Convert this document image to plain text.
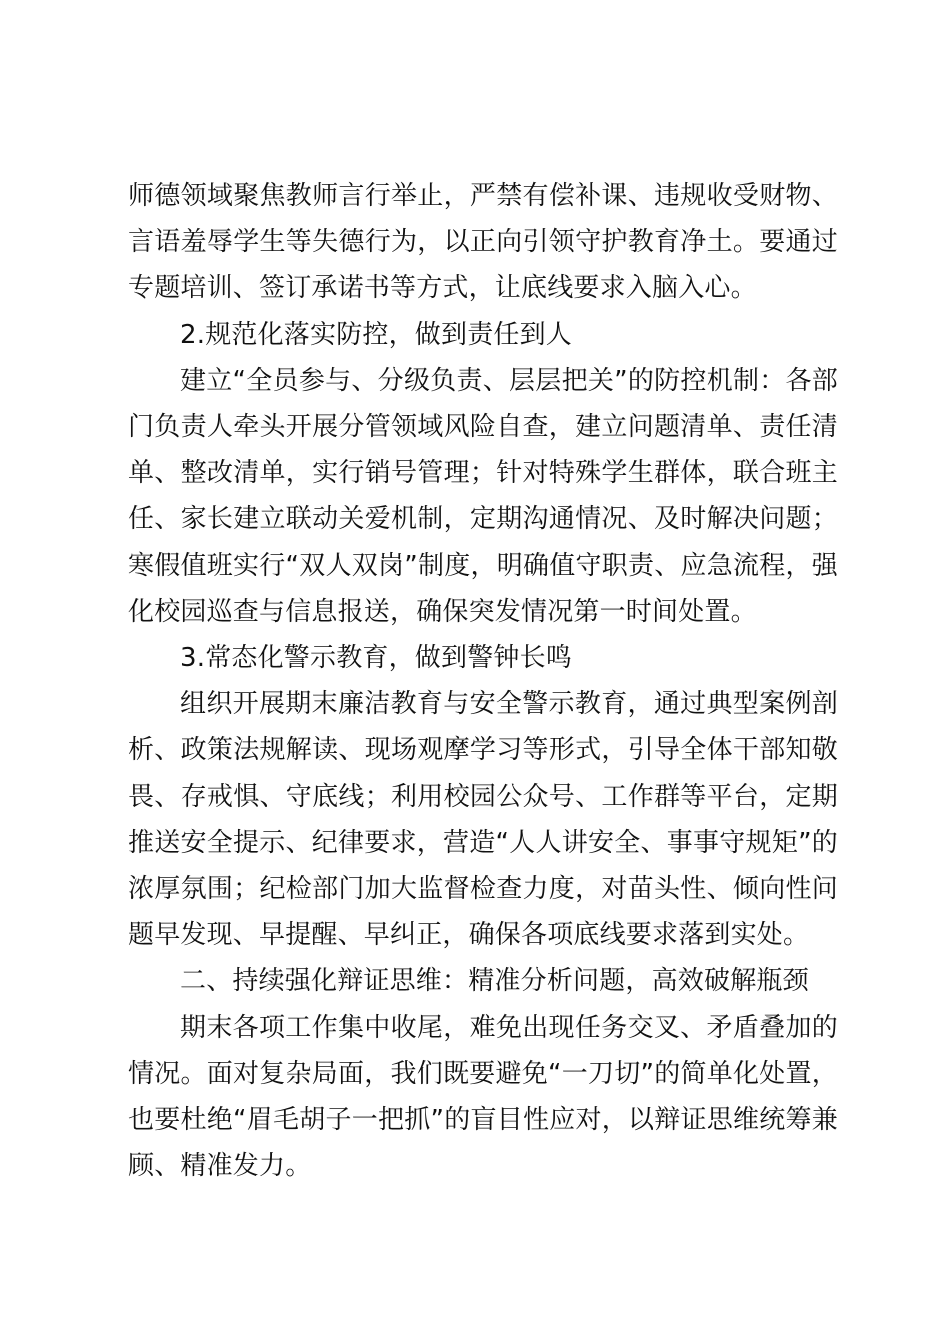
师德领域聚焦教师言行举止，严禁有偿补课、违规收受财物、言语羞辱学生等失德行为，以正向引领守护教育净土。要通过专题培训、签订承诺书等方式，让底线要求入脑入心。

2.规范化落实防控，做到责任到人

建立“全员参与、分级负责、层层把关”的防控机制：各部门负责人牵头开展分管领域风险自查，建立问题清单、责任清单、整改清单，实行销号管理；针对特殊学生群体，联合班主任、家长建立联动关爱机制，定期沟通情况、及时解决问题；寒假值班实行“双人双岗”制度，明确值守职责、应急流程，强化校园巡查与信息报送，确保突发情况第一时间处置。

3.常态化警示教育，做到警钟长鸣

组织开展期末廉洁教育与安全警示教育，通过典型案例剖析、政策法规解读、现场观摩学习等形式，引导全体干部知敬畏、存戒惧、守底线；利用校园公众号、工作群等平台，定期推送安全提示、纪律要求，营造“人人讲安全、事事守规矩”的浓厚氛围；纪检部门加大监督检查力度，对苗头性、倾向性问题早发现、早提醒、早纠正，确保各项底线要求落到实处。

二、持续强化辩证思维：精准分析问题，高效破解瓶颈

期末各项工作集中收尾，难免出现任务交叉、矛盾叠加的情况。面对复杂局面，我们既要避免“一刀切”的简单化处置，也要杜绝“眉毛胡子一把抓”的盲目性应对，以辩证思维统筹兼顾、精准发力。
